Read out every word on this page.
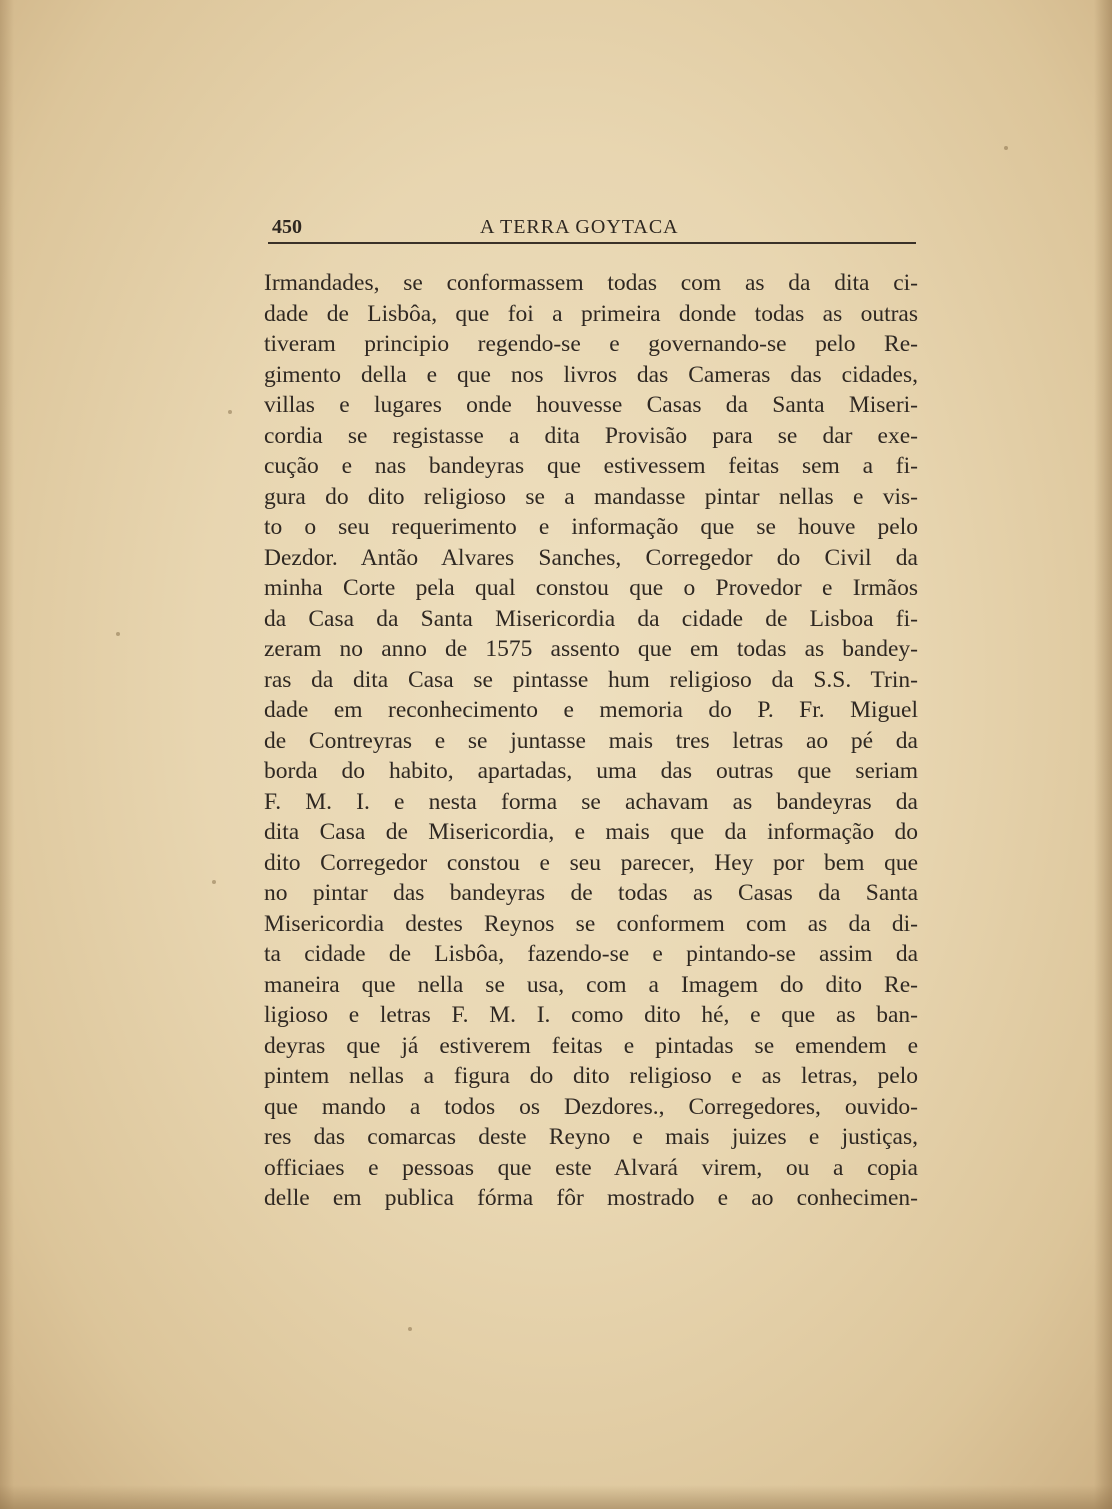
450	A TERRA GOYTACA
Irmandades, se conformassem todas com as da dita ci-
dade de Lisbôa, que foi a primeira donde todas as outras
tiveram principio regendo-se e governando-se pelo Re-
gimento della e que nos livros das Cameras das cidades,
villas e lugares onde houvesse Casas da Santa Miseri-
cordia se registasse a dita Provisão para se dar exe-
cução e nas bandeyras que estivessem feitas sem a fi-
gura do dito religioso se a mandasse pintar nellas e vis-
to o seu requerimento e informação que se houve pelo
Dezdor. Antão Alvares Sanches, Corregedor do Civil da
minha Corte pela qual constou que o Provedor e Irmãos
da Casa da Santa Misericordia da cidade de Lisboa fi-
zeram no anno de 1575 assento que em todas as bandey-
ras da dita Casa se pintasse hum religioso da S.S. Trin-
dade em reconhecimento e memoria do P. Fr. Miguel
de Contreyras e se juntasse mais tres letras ao pé da
borda do habito, apartadas, uma das outras que seriam
F. M. I. e nesta forma se achavam as bandeyras da
dita Casa de Misericordia, e mais que da informação do
dito Corregedor constou e seu parecer, Hey por bem que
no pintar das bandeyras de todas as Casas da Santa
Misericordia destes Reynos se conformem com as da di-
ta cidade de Lisbôa, fazendo-se e pintando-se assim da
maneira que nella se usa, com a Imagem do dito Re-
ligioso e letras F. M. I. como dito hé, e que as ban-
deyras que já estiverem feitas e pintadas se emendem e
pintem nellas a figura do dito religioso e as letras, pelo
que mando a todos os Dezdores., Corregedores, ouvido-
res das comarcas deste Reyno e mais juizes e justiças,
officiaes e pessoas que este Alvará virem, ou a copia
delle em publica fórma fôr mostrado e ao conhecimen-
